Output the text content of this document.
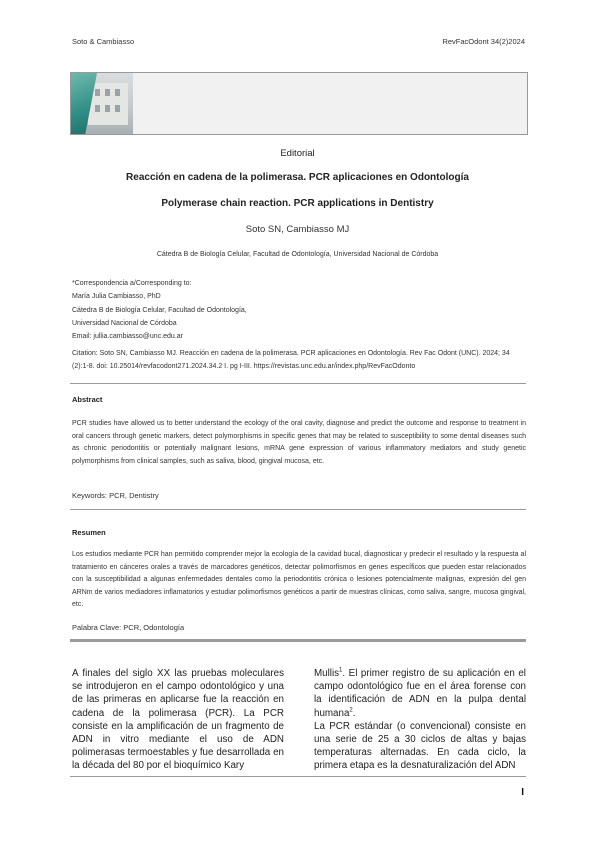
Soto & Cambiasso	RevFacOdont 34(2)2024
Editorial
Reacción en cadena de la polimerasa. PCR aplicaciones en Odontología
Polymerase chain reaction. PCR applications in Dentistry
Soto SN, Cambiasso MJ
Cátedra B de Biología Celular, Facultad de Odontología, Universidad Nacional de Córdoba
*Correspondencia a/Corresponding to:
María Julia Cambiasso, PhD
Cátedra B de Biología Celular, Facultad de Odontología,
Universidad Nacional de Córdoba
Email: jullia.cambiasso@unc.edu.ar
Citation: Soto SN, Cambiasso MJ. Reacción en cadena de la polimerasa. PCR aplicaciones en Odontología. Rev Fac Odont (UNC). 2024; 34 (2):1-8. doi: 10.25014/revfacodont271.2024.34.2 I. pg I-III. https://revistas.unc.edu.ar/index.php/RevFacOdonto
Abstract
PCR studies have allowed us to better understand the ecology of the oral cavity, diagnose and predict the outcome and response to treatment in oral cancers through genetic markers, detect polymorphisms in specific genes that may be related to susceptibility to some dental diseases such as chronic periodontitis or potentially malignant lesions, mRNA gene expression of various inflammatory mediators and study genetic polymorphisms from clinical samples, such as saliva, blood, gingival mucosa, etc.
Keywords: PCR, Dentistry
Resumen
Los estudios mediante PCR han permitido comprender mejor la ecología de la cavidad bucal, diagnosticar y predecir el resultado y la respuesta al tratamiento en cánceres orales a través de marcadores genéticos, detectar polimorfismos en genes específicos que pueden estar relacionados con la susceptibilidad a algunas enfermedades dentales como la periodontitis crónica o lesiones potencialmente malignas, expresión del gen ARNm de varios mediadores inflamatorios y estudiar polimorfismos genéticos a partir de muestras clínicas, como saliva, sangre, mucosa gingival, etc.
Palabra Clave: PCR, Odontología
A finales del siglo XX las pruebas moleculares se introdujeron en el campo odontológico y una de las primeras en aplicarse fue la reacción en cadena de la polimerasa (PCR). La PCR consiste en la amplificación de un fragmento de ADN in vitro mediante el uso de ADN polimerasas termoestables y fue desarrollada en la década del 80 por el bioquímico Kary
Mullis$^1$. El primer registro de su aplicación en el campo odontológico fue en el área forense con la identificación de ADN en la pulpa dental humana$^2$.
La PCR estándar (o convencional) consiste en una serie de 25 a 30 ciclos de altas y bajas temperaturas alternadas. En cada ciclo, la primera etapa es la desnaturalización del ADN
I
